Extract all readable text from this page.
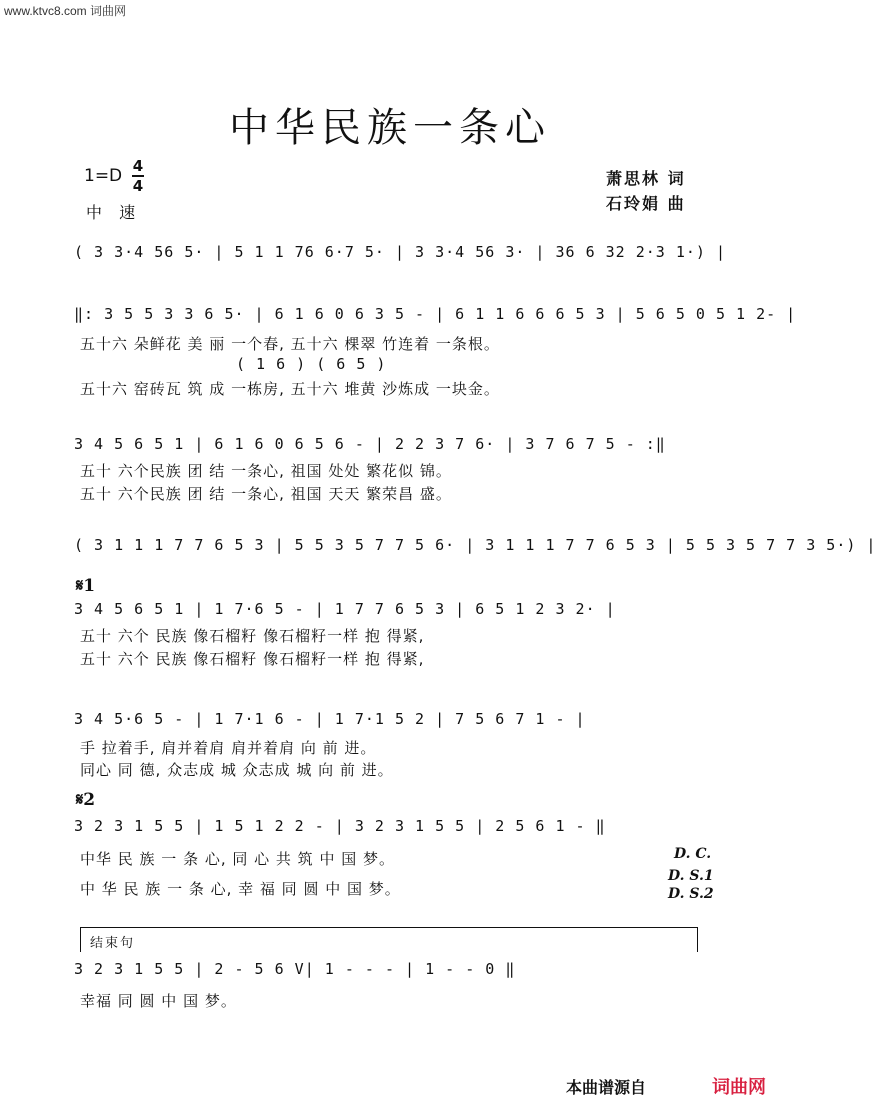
www.ktvc8.com 词曲网
中华民族一条心
1=D 4
4
中 速
萧思林 词
石玲娟 曲
( 3 3·4 56 5· | 5 1 1 76 6·7 5· | 3 3·4 56 3· | 36 6 32 2·3 1·) |
‖: 3 5 5 3 3 6 5· | 6 1 6 0 6 3 5 - | 6 1 1 6 6 6 5 3 | 5 6 5 0 5 1 2- |
五十六 朵鲜花 美 丽 一个春, 五十六 棵翠 竹连着 一条根。
( 1 6 ) ( 6 5 )
五十六 窑砖瓦 筑 成 一栋房, 五十六 堆黄 沙炼成 一块金。
3 4 5 6 5 1 | 6 1 6 0 6 5 6 - | 2 2 3 7 6· | 3 7 6 7 5 - :‖
五十 六个民族 团 结 一条心, 祖国 处处 繁花似 锦。
五十 六个民族 团 结 一条心, 祖国 天天 繁荣昌 盛。
( 3 1 1 1 7 7 6 5 3 | 5 5 3 5 7 7 5 6· | 3 1 1 1 7 7 6 5 3 | 5 5 3 5 7 7 3 5·) |
𝄋1
3 4 5 6 5 1 | 1 7·6 5 - | 1 7 7 6 5 3 | 6 5 1 2 3 2· |
五十 六个 民族 像石榴籽 像石榴籽一样 抱 得紧,
五十 六个 民族 像石榴籽 像石榴籽一样 抱 得紧,
3 4 5·6 5 - | 1 7·1 6 - | 1 7·1 5 2 | 7 5 6 7 1 - |
手 拉着手, 肩并着肩 肩并着肩 向 前 进。
同心 同 德, 众志成 城 众志成 城 向 前 进。
𝄋2
3 2 3 1 5 5 | 1 5 1 2 2 - | 3 2 3 1 5 5 | 2 5 6 1 - ‖
中华 民 族 一 条 心, 同 心 共 筑 中 国 梦。	D. C.
中 华 民 族 一 条 心, 幸 福 同 圆 中 国 梦。
D. S.1
D. S.2
结束句
3 2 3 1 5 5 | 2 - 5 6 V| 1 - - - | 1 - - 0 ‖
幸福 同 圆 中 国 梦。
本曲谱源自	词曲网
